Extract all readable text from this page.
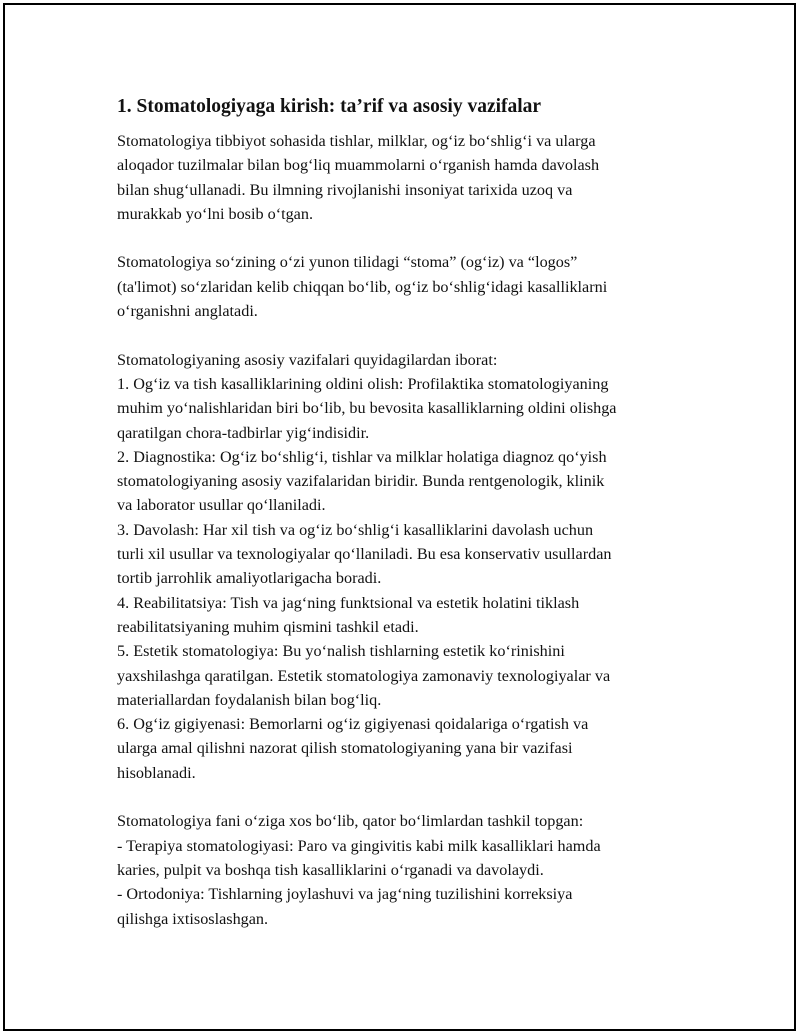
1. Stomatologiyaga kirish: ta’rif va asosiy vazifalar
Stomatologiya tibbiyot sohasida tishlar, milklar, og‘iz bo‘shlig‘i va ularga
aloqador tuzilmalar bilan bog‘liq muammolarni o‘rganish hamda davolash
bilan shug‘ullanadi. Bu ilmning rivojlanishi insoniyat tarixida uzoq va
murakkab yo‘lni bosib o‘tgan.
Stomatologiya so‘zining o‘zi yunon tilidagi “stoma” (og‘iz) va “logos”
(ta'limot) so‘zlaridan kelib chiqqan bo‘lib, og‘iz bo‘shlig‘idagi kasalliklarni
o‘rganishni anglatadi.
Stomatologiyaning asosiy vazifalari quyidagilardan iborat:
1. Og‘iz va tish kasalliklarining oldini olish: Profilaktika stomatologiyaning
muhim yo‘nalishlaridan biri bo‘lib, bu bevosita kasalliklarning oldini olishga
qaratilgan chora-tadbirlar yig‘indisidir.
2. Diagnostika: Og‘iz bo‘shlig‘i, tishlar va milklar holatiga diagnoz qo‘yish
stomatologiyaning asosiy vazifalaridan biridir. Bunda rentgenologik, klinik
va laborator usullar qo‘llaniladi.
3. Davolash: Har xil tish va og‘iz bo‘shlig‘i kasalliklarini davolash uchun
turli xil usullar va texnologiyalar qo‘llaniladi. Bu esa konservativ usullardan
tortib jarrohlik amaliyotlarigacha boradi.
4. Reabilitatsiya: Tish va jag‘ning funktsional va estetik holatini tiklash
reabilitatsiyaning muhim qismini tashkil etadi.
5. Estetik stomatologiya: Bu yo‘nalish tishlarning estetik ko‘rinishini
yaxshilashga qaratilgan. Estetik stomatologiya zamonaviy texnologiyalar va
materiallardan foydalanish bilan bog‘liq.
6. Og‘iz gigiyenasi: Bemorlarni og‘iz gigiyenasi qoidalariga o‘rgatish va
ularga amal qilishni nazorat qilish stomatologiyaning yana bir vazifasi
hisoblanadi.
Stomatologiya fani o‘ziga xos bo‘lib, qator bo‘limlardan tashkil topgan:
- Terapiya stomatologiyasi: Paro va gingivitis kabi milk kasalliklari hamda
karies, pulpit va boshqa tish kasalliklarini o‘rganadi va davolaydi.
- Ortodoniya: Tishlarning joylashuvi va jag‘ning tuzilishini korreksiya
qilishga ixtisoslashgan.
